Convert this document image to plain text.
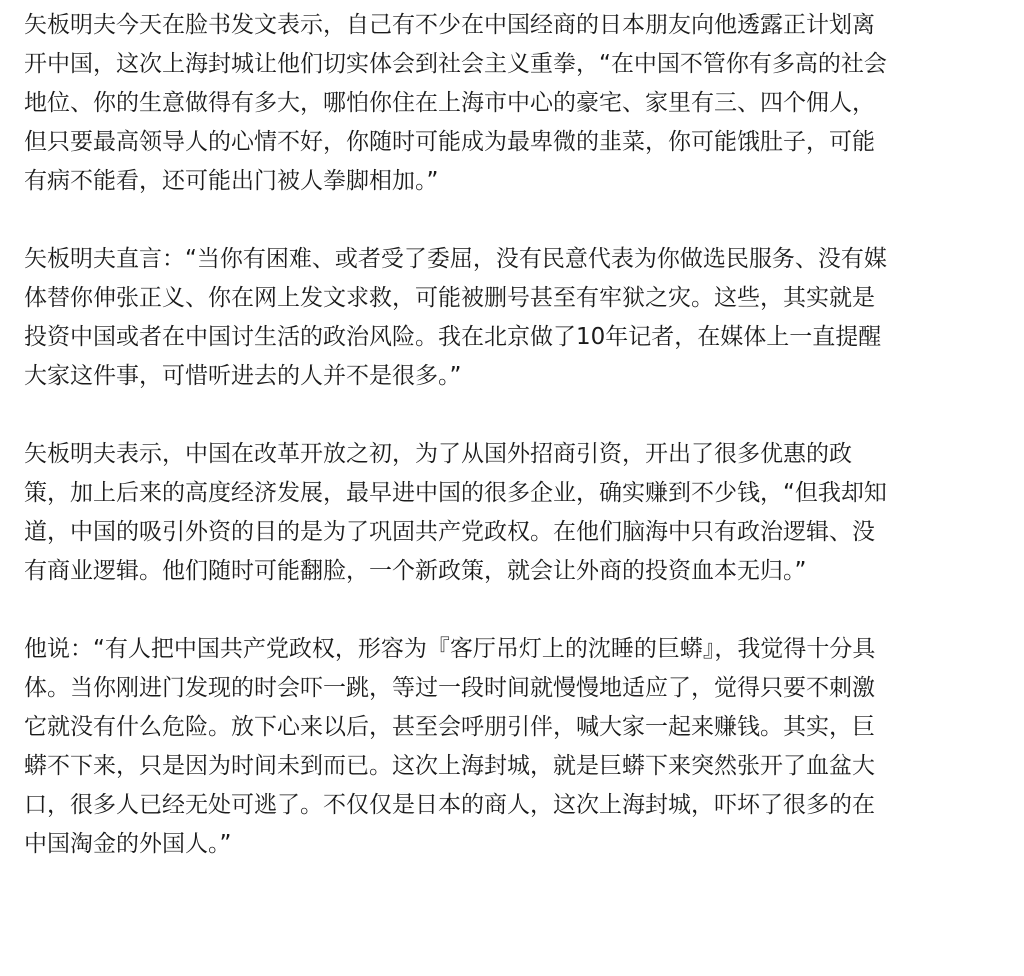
矢板明夫今天在脸书发文表示，自己有不少在中国经商的日本朋友向他透露正计划离
开中国，这次上海封城让他们切实体会到社会主义重拳，“在中国不管你有多高的社会
地位、你的生意做得有多大，哪怕你住在上海市中心的豪宅、家里有三、四个佣人，
但只要最高领导人的心情不好，你随时可能成为最卑微的韭菜，你可能饿肚子，可能
有病不能看，还可能出门被人拳脚相加。”
矢板明夫直言：“当你有困难、或者受了委屈，没有民意代表为你做选民服务、没有媒
体替你伸张正义、你在网上发文求救，可能被删号甚至有牢狱之灾。这些，其实就是
投资中国或者在中国讨生活的政治风险。我在北京做了10年记者，在媒体上一直提醒
大家这件事，可惜听进去的人并不是很多。”
矢板明夫表示，中国在改革开放之初，为了从国外招商引资，开出了很多优惠的政
策，加上后来的高度经济发展，最早进中国的很多企业，确实赚到不少钱，“但我却知
道，中国的吸引外资的目的是为了巩固共产党政权。在他们脑海中只有政治逻辑、没
有商业逻辑。他们随时可能翻脸，一个新政策，就会让外商的投资血本无归。”
他说：“有人把中国共产党政权，形容为『客厅吊灯上的沈睡的巨蟒』，我觉得十分具
体。当你刚进门发现的时会吓一跳，等过一段时间就慢慢地适应了，觉得只要不刺激
它就没有什么危险。放下心来以后，甚至会呼朋引伴，喊大家一起来赚钱。其实，巨
蟒不下来，只是因为时间未到而已。这次上海封城，就是巨蟒下来突然张开了血盆大
口，很多人已经无处可逃了。不仅仅是日本的商人，这次上海封城，吓坏了很多的在
中国淘金的外国人。”
